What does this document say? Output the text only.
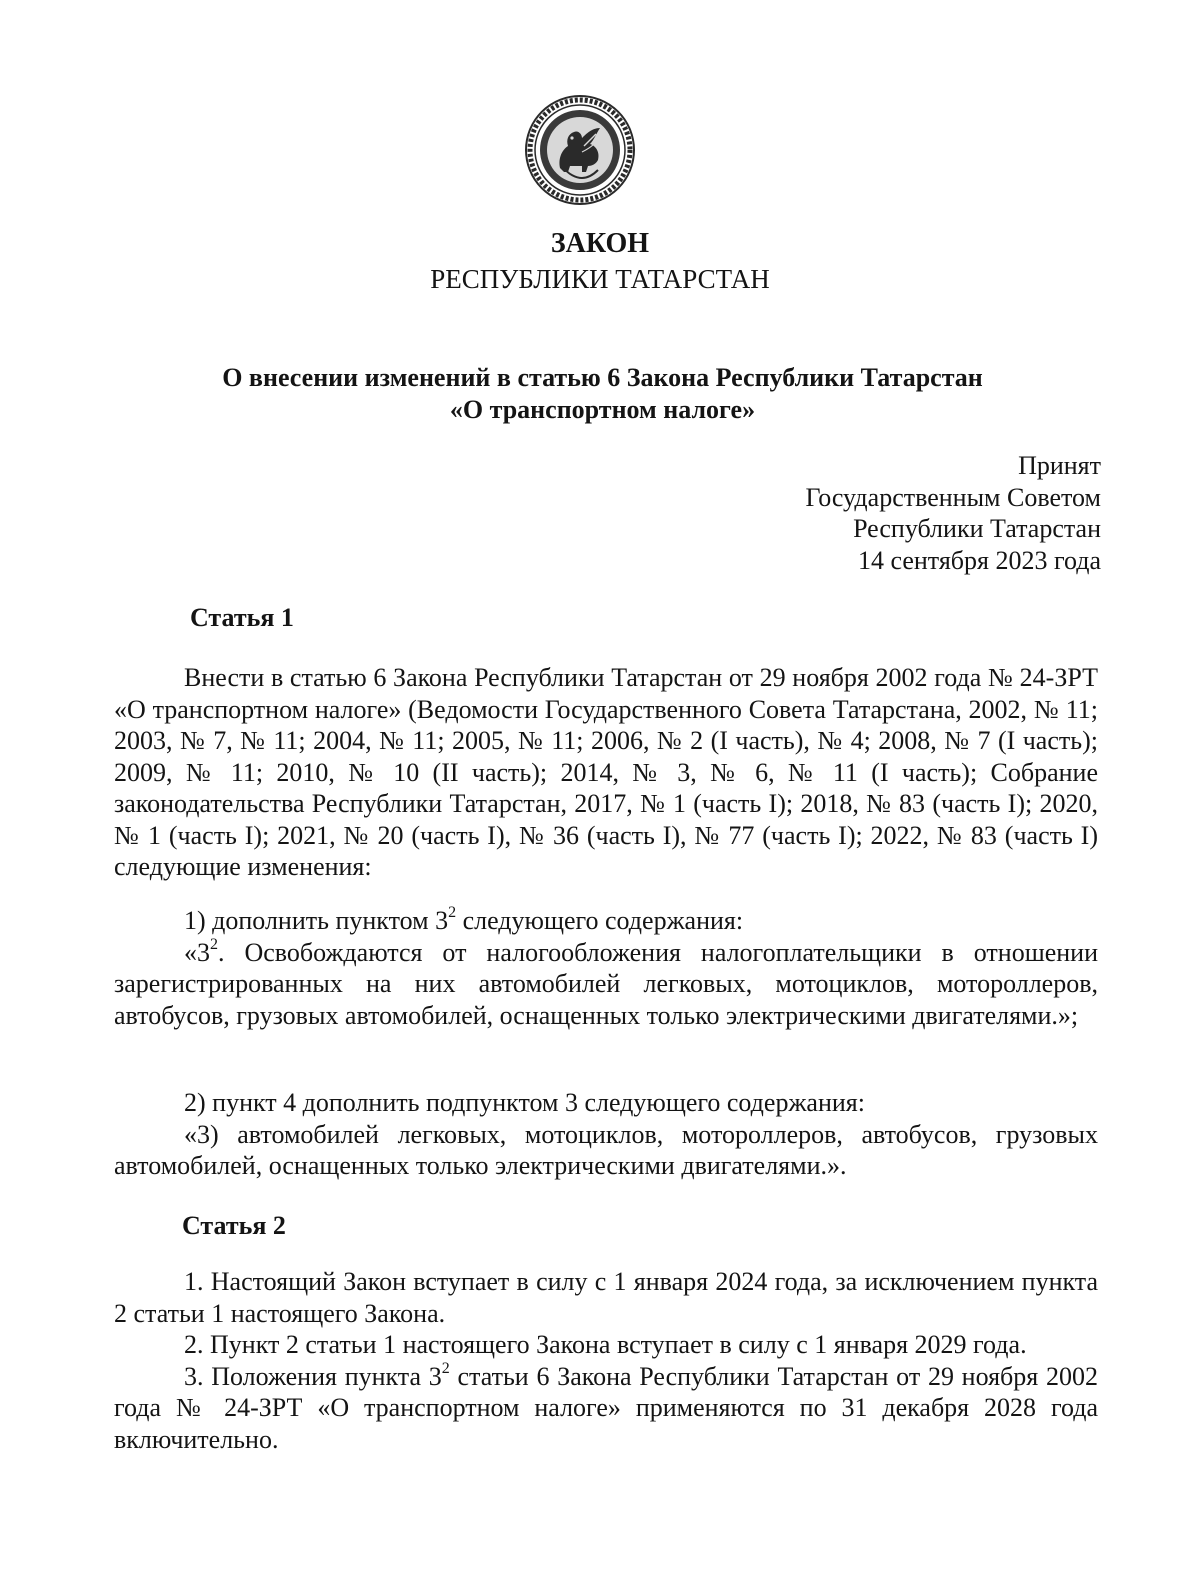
ЗАКОН
РЕСПУБЛИКИ ТАТАРСТАН
О внесении изменений в статью 6 Закона Республики Татарстан
«О транспортном налоге»
Принят
Государственным Советом
Республики Татарстан
14 сентября 2023 года
Статья 1

Внести в статью 6 Закона Республики Татарстан от 29 ноября 2002 года № 24-ЗРТ «О транспортном налоге» (Ведомости Государственного Совета Татарстана, 2002, № 11; 2003, № 7, № 11; 2004, № 11; 2005, № 11; 2006, № 2 (I часть), № 4; 2008, № 7 (I часть); 2009, № 11; 2010, № 10 (II часть); 2014, № 3, № 6, № 11 (I часть); Собрание законодательства Республики Татарстан, 2017, № 1 (часть I); 2018, № 83 (часть I); 2020, № 1 (часть I); 2021, № 20 (часть I), № 36 (часть I), № 77 (часть I); 2022, № 83 (часть I) следующие изменения:

1) дополнить пунктом $3^2$ следующего содержания:

«$3^2$. Освобождаются от налогообложения налогоплательщики в отношении зарегистрированных на них автомобилей легковых, мотоциклов, мотороллеров, автобусов, грузовых автомобилей, оснащенных только электрическими двигателями.»;

2) пункт 4 дополнить подпунктом 3 следующего содержания:

«3) автомобилей легковых, мотоциклов, мотороллеров, автобусов, грузовых автомобилей, оснащенных только электрическими двигателями.».

Статья 2

1. Настоящий Закон вступает в силу с 1 января 2024 года, за исключением пункта 2 статьи 1 настоящего Закона.

2. Пункт 2 статьи 1 настоящего Закона вступает в силу с 1 января 2029 года.

3. Положения пункта $3^2$ статьи 6 Закона Республики Татарстан от 29 ноября 2002 года № 24-ЗРТ «О транспортном налоге» применяются по 31 декабря 2028 года включительно.
